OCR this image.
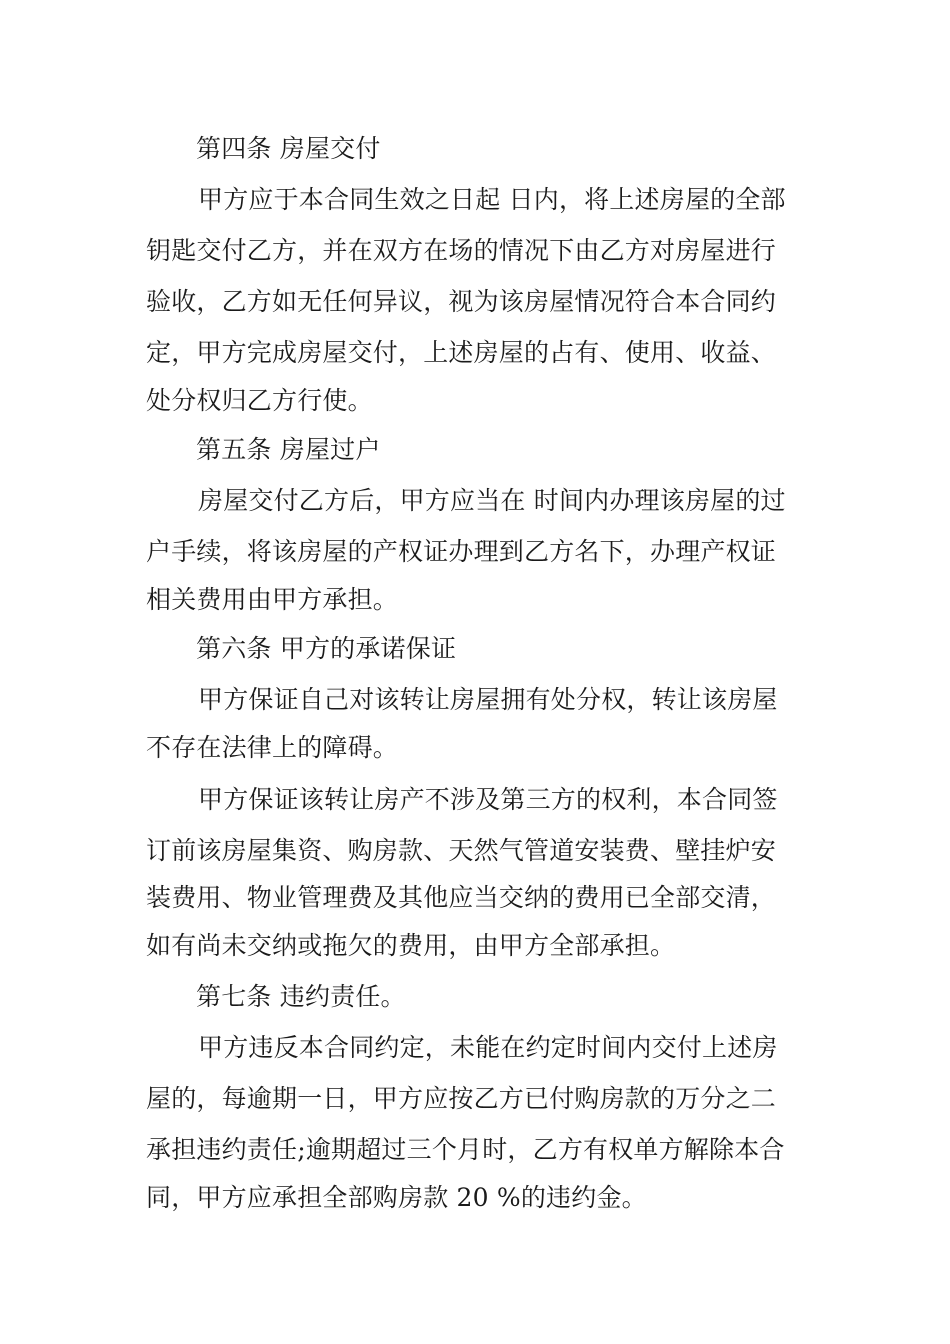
第四条 房屋交付
甲方应于本合同生效之日起 日内，将上述房屋的全部
钥匙交付乙方，并在双方在场的情况下由乙方对房屋进行
验收，乙方如无任何异议，视为该房屋情况符合本合同约
定，甲方完成房屋交付，上述房屋的占有、使用、收益、
处分权归乙方行使。
第五条 房屋过户
房屋交付乙方后，甲方应当在 时间内办理该房屋的过
户手续，将该房屋的产权证办理到乙方名下，办理产权证
相关费用由甲方承担。
第六条 甲方的承诺保证
甲方保证自己对该转让房屋拥有处分权，转让该房屋
不存在法律上的障碍。
甲方保证该转让房产不涉及第三方的权利，本合同签
订前该房屋集资、购房款、天然气管道安装费、壁挂炉安
装费用、物业管理费及其他应当交纳的费用已全部交清，
如有尚未交纳或拖欠的费用，由甲方全部承担。
第七条 违约责任。
甲方违反本合同约定，未能在约定时间内交付上述房
屋的，每逾期一日，甲方应按乙方已付购房款的万分之二
承担违约责任;逾期超过三个月时，乙方有权单方解除本合
同，甲方应承担全部购房款 20 %的违约金。
